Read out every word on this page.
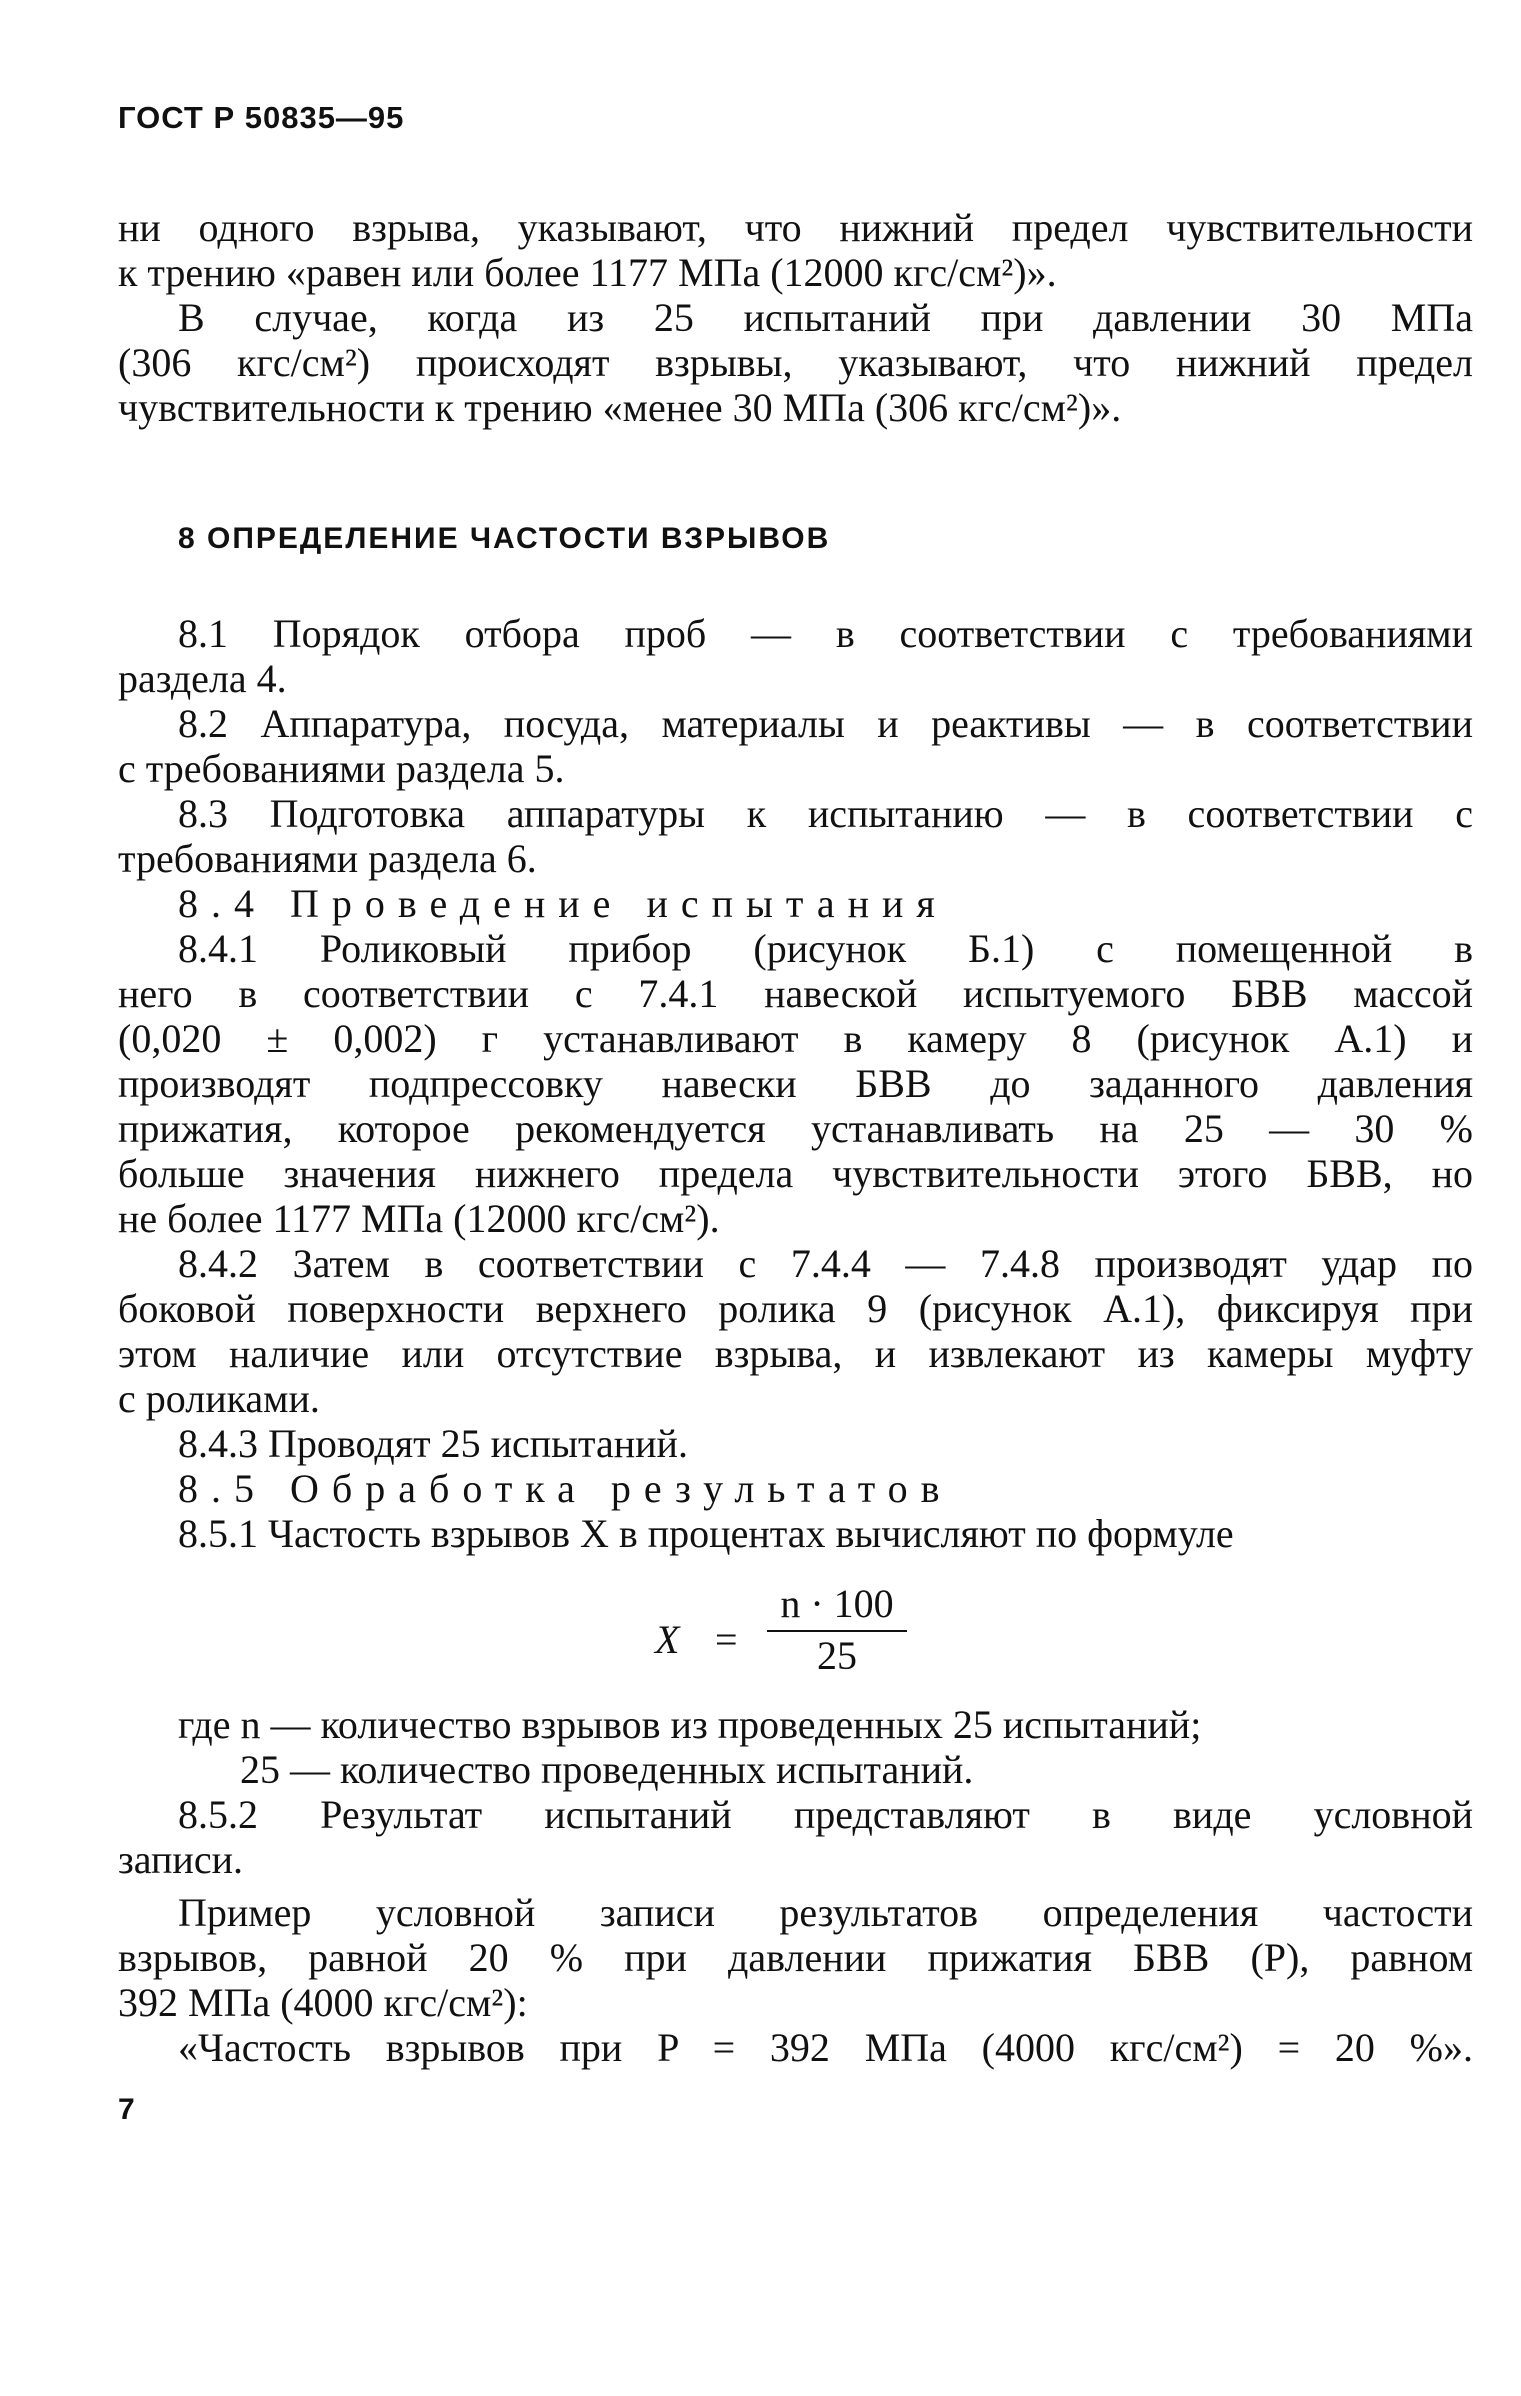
ГОСТ Р 50835—95
ни одного взрыва, указывают, что нижний предел чувствительности
к трению «равен или более 1177 МПа (12000 кгс/см²)».
В случае, когда из 25 испытаний при давлении 30 МПа
(306 кгс/см²) происходят взрывы, указывают, что нижний предел
чувствительности к трению «менее 30 МПа (306 кгс/см²)».
8 ОПРЕДЕЛЕНИЕ ЧАСТОСТИ ВЗРЫВОВ
8.1 Порядок отбора проб — в соответствии с требованиями
раздела 4.
8.2 Аппаратура, посуда, материалы и реактивы — в соответствии
с требованиями раздела 5.
8.3 Подготовка аппаратуры к испытанию — в соответствии с
требованиями раздела 6.
8.4 Проведение испытания
8.4.1 Роликовый прибор (рисунок Б.1) с помещенной в
него в соответствии с 7.4.1 навеской испытуемого БВВ массой
(0,020 ± 0,002) г устанавливают в камеру 8 (рисунок А.1) и
производят подпрессовку навески БВВ до заданного давления
прижатия, которое рекомендуется устанавливать на 25 — 30 %
больше значения нижнего предела чувствительности этого БВВ, но
не более 1177 МПа (12000 кгс/см²).
8.4.2 Затем в соответствии с 7.4.4 — 7.4.8 производят удар по
боковой поверхности верхнего ролика 9 (рисунок А.1), фиксируя при
этом наличие или отсутствие взрыва, и извлекают из камеры муфту
с роликами.
8.4.3 Проводят 25 испытаний.
8.5 Обработка результатов
8.5.1 Частость взрывов X в процентах вычисляют по формуле
X =
n · 100
25
где n — количество взрывов из проведенных 25 испытаний;
25 — количество проведенных испытаний.
8.5.2 Результат испытаний представляют в виде условной
записи.
Пример условной записи результатов определения частости
взрывов, равной 20 % при давлении прижатия БВВ (P), равном
392 МПа (4000 кгс/см²):
«Частость взрывов при P = 392 МПа (4000 кгс/см²) = 20 %».
7
